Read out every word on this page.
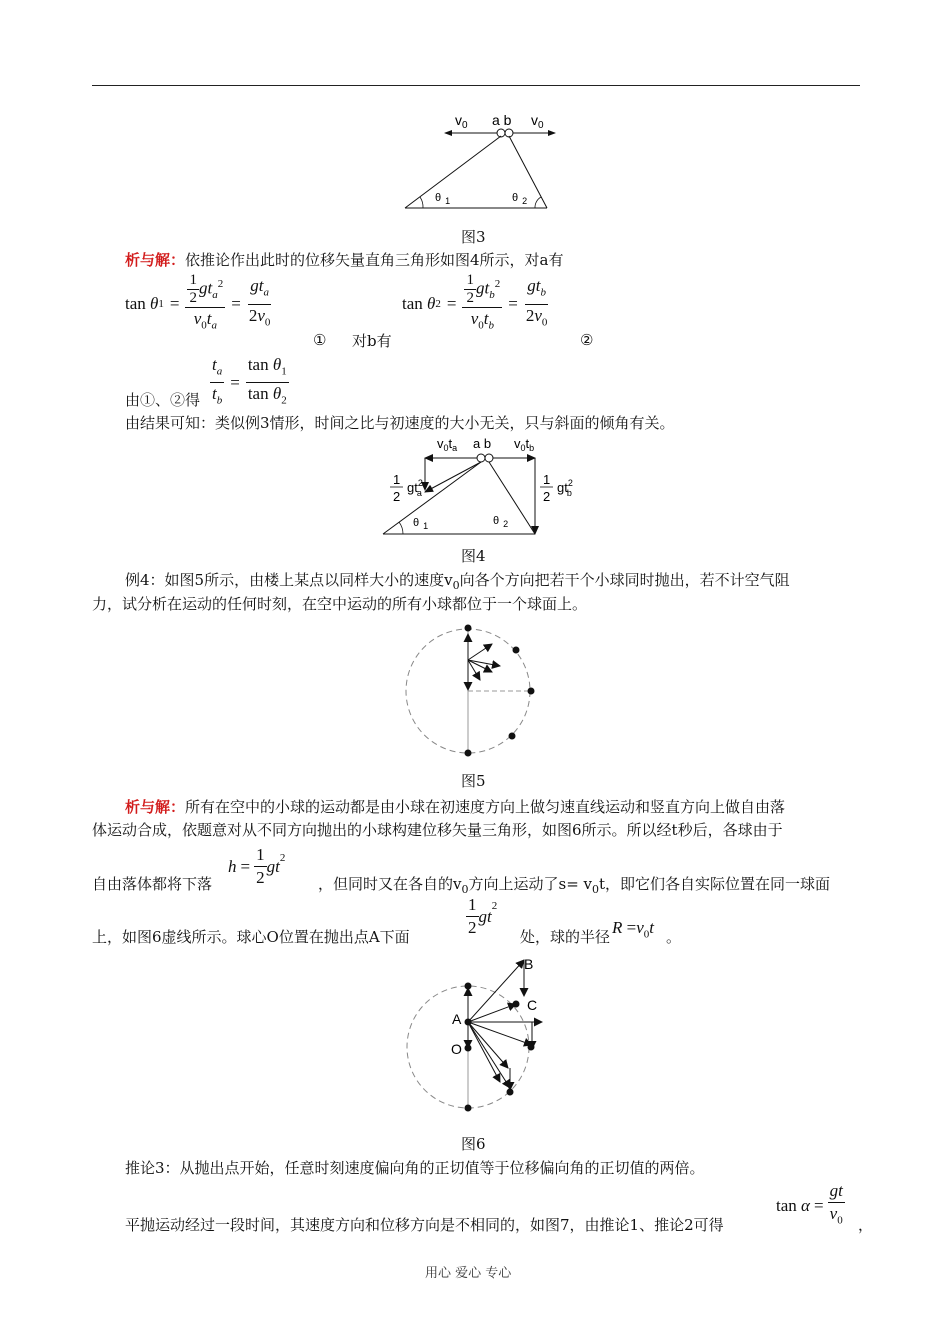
$v_0$ a b $v_0$
θ $_1$	θ $_2$
图3
析与解：依推论作出此时的位移矢量直角三角形如图4所示，对a有
tan
θ $1 = \frac{\frac{1}{2} gt_a^2}{v_0t_a} = \frac{gt_a}{2v_0}$
① 对b有
tan
θ $2 = \frac{\frac{1}{2} gt_b^2}{v_0t_b} = \frac{gt_b}{2v_0}$
②
$\frac{t_a}{t_b} = \frac{\tan \theta_1}{\tan \theta_2}$
由①、②得
由结果可知：类似例3情形，时间之比与初速度的大小无关，只与斜面的倾角有关。
$v_0t_a$ a b $v_0t_b$
1
2
$gt^2$ a
1
2
$gt^2$ b
θ $_1$	θ $_2$
图4
例4：如图5所示，由楼上某点以同样大小的速度$v_0$向各个方向把若干个小球同时抛出，若不计空气阻
力，试分析在运动的任何时刻，在空中运动的所有小球都位于一个球面上。
图5
析与解：所有在空中的小球的运动都是由小球在初速度方向上做匀速直线运动和竖直方向上做自由落
体运动合成，依题意对从不同方向抛出的小球构建位移矢量三角形，如图6所示。所以经t秒后，各球由于
$h = \frac{1}{2} gt^2$
自由落体都将下落	，但同时又在各自的$v_0$方向上运动了$s= v_0t$，即它们各自实际位置在同一球面
$\frac{1}{2}$ gt
$^2$
上，如图6虚线所示。球心O位置在抛出点A下面	处，球的半径 $R =v_0t$ 。
A
O
B
C
图6
推论3：从抛出点开始，任意时刻速度偏向角的正切值等于位移偏向角的正切值的两倍。
tan
$\alpha = \frac{gt}{v_0}$
平抛运动经过一段时间，其速度方向和位移方向是不相同的，如图7，由推论1、推论2可得	，
用心 爱心 专心
